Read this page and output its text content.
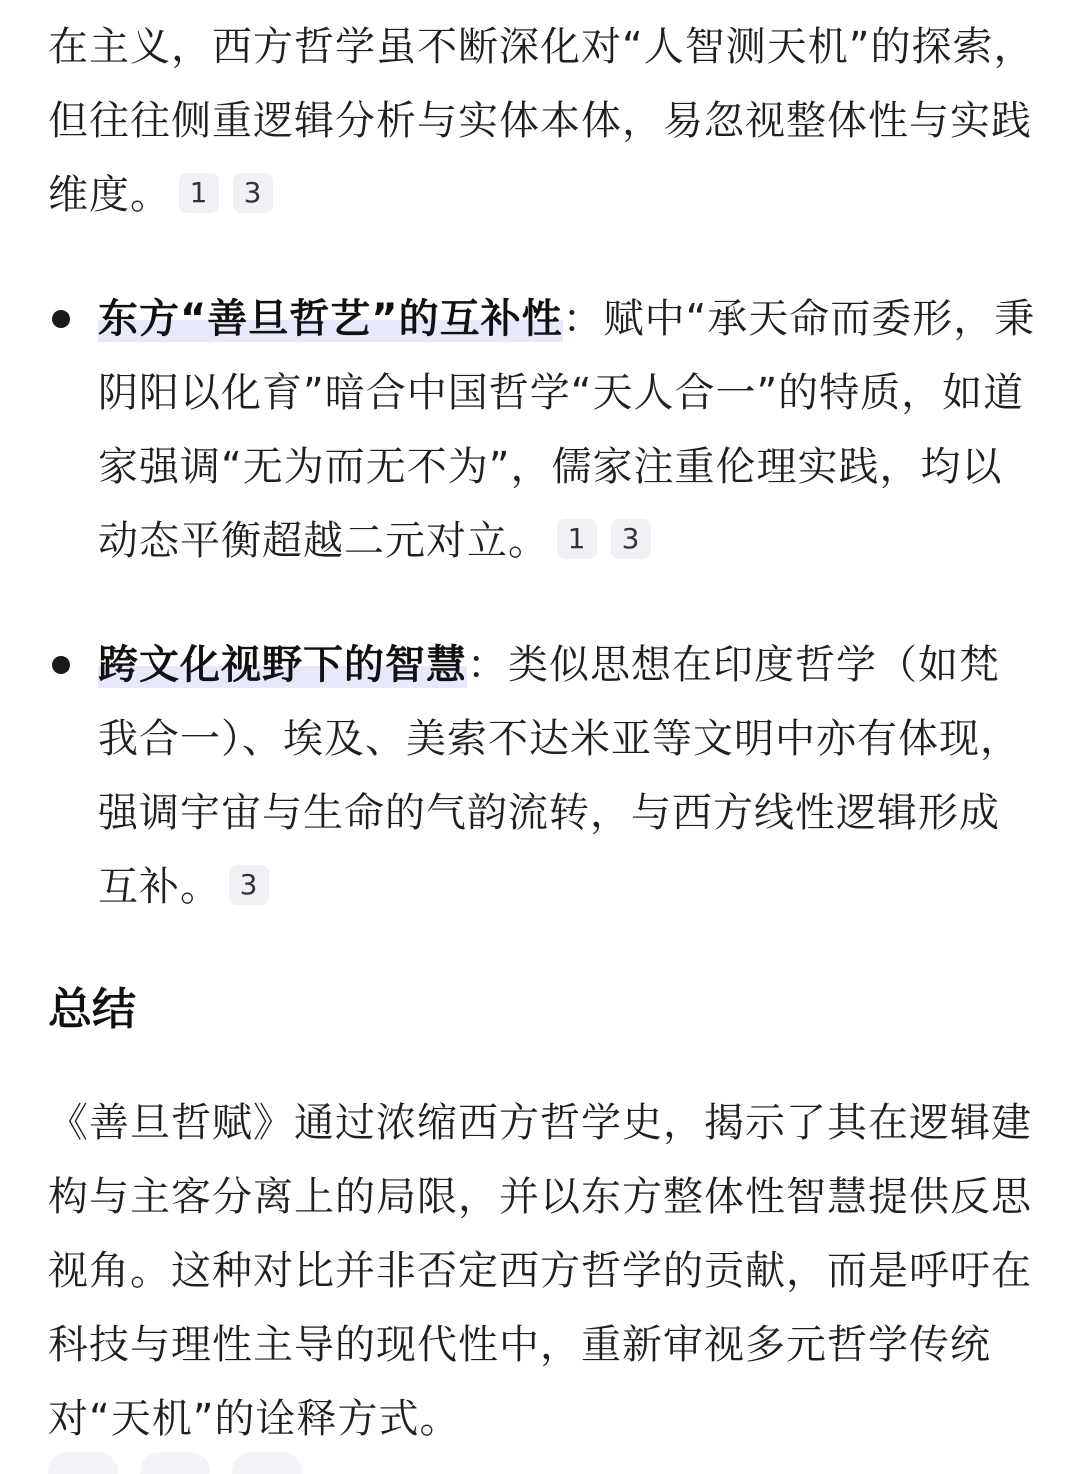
在主义，西方哲学虽不断深化对“人智测天机”的探索，但往往侧重逻辑分析与实体本体，易忽视整体性与实践维度。 1 3

东方“善旦哲艺”的互补性：赋中“承天命而委形，秉阴阳以化育”暗合中国哲学“天人合一”的特质，如道家强调“无为而无不为”，儒家注重伦理实践，均以动态平衡超越二元对立。 1 3
跨文化视野下的智慧：类似思想在印度哲学（如梵我合一）、埃及、美索不达米亚等文明中亦有体现，强调宇宙与生命的气韵流转，与西方线性逻辑形成互补。 3
总结

《善旦哲赋》通过浓缩西方哲学史，揭示了其在逻辑建构与主客分离上的局限，并以东方整体性智慧提供反思视角。这种对比并非否定西方哲学的贡献，而是呼吁在科技与理性主导的现代性中，重新审视多元哲学传统对“天机”的诠释方式。
